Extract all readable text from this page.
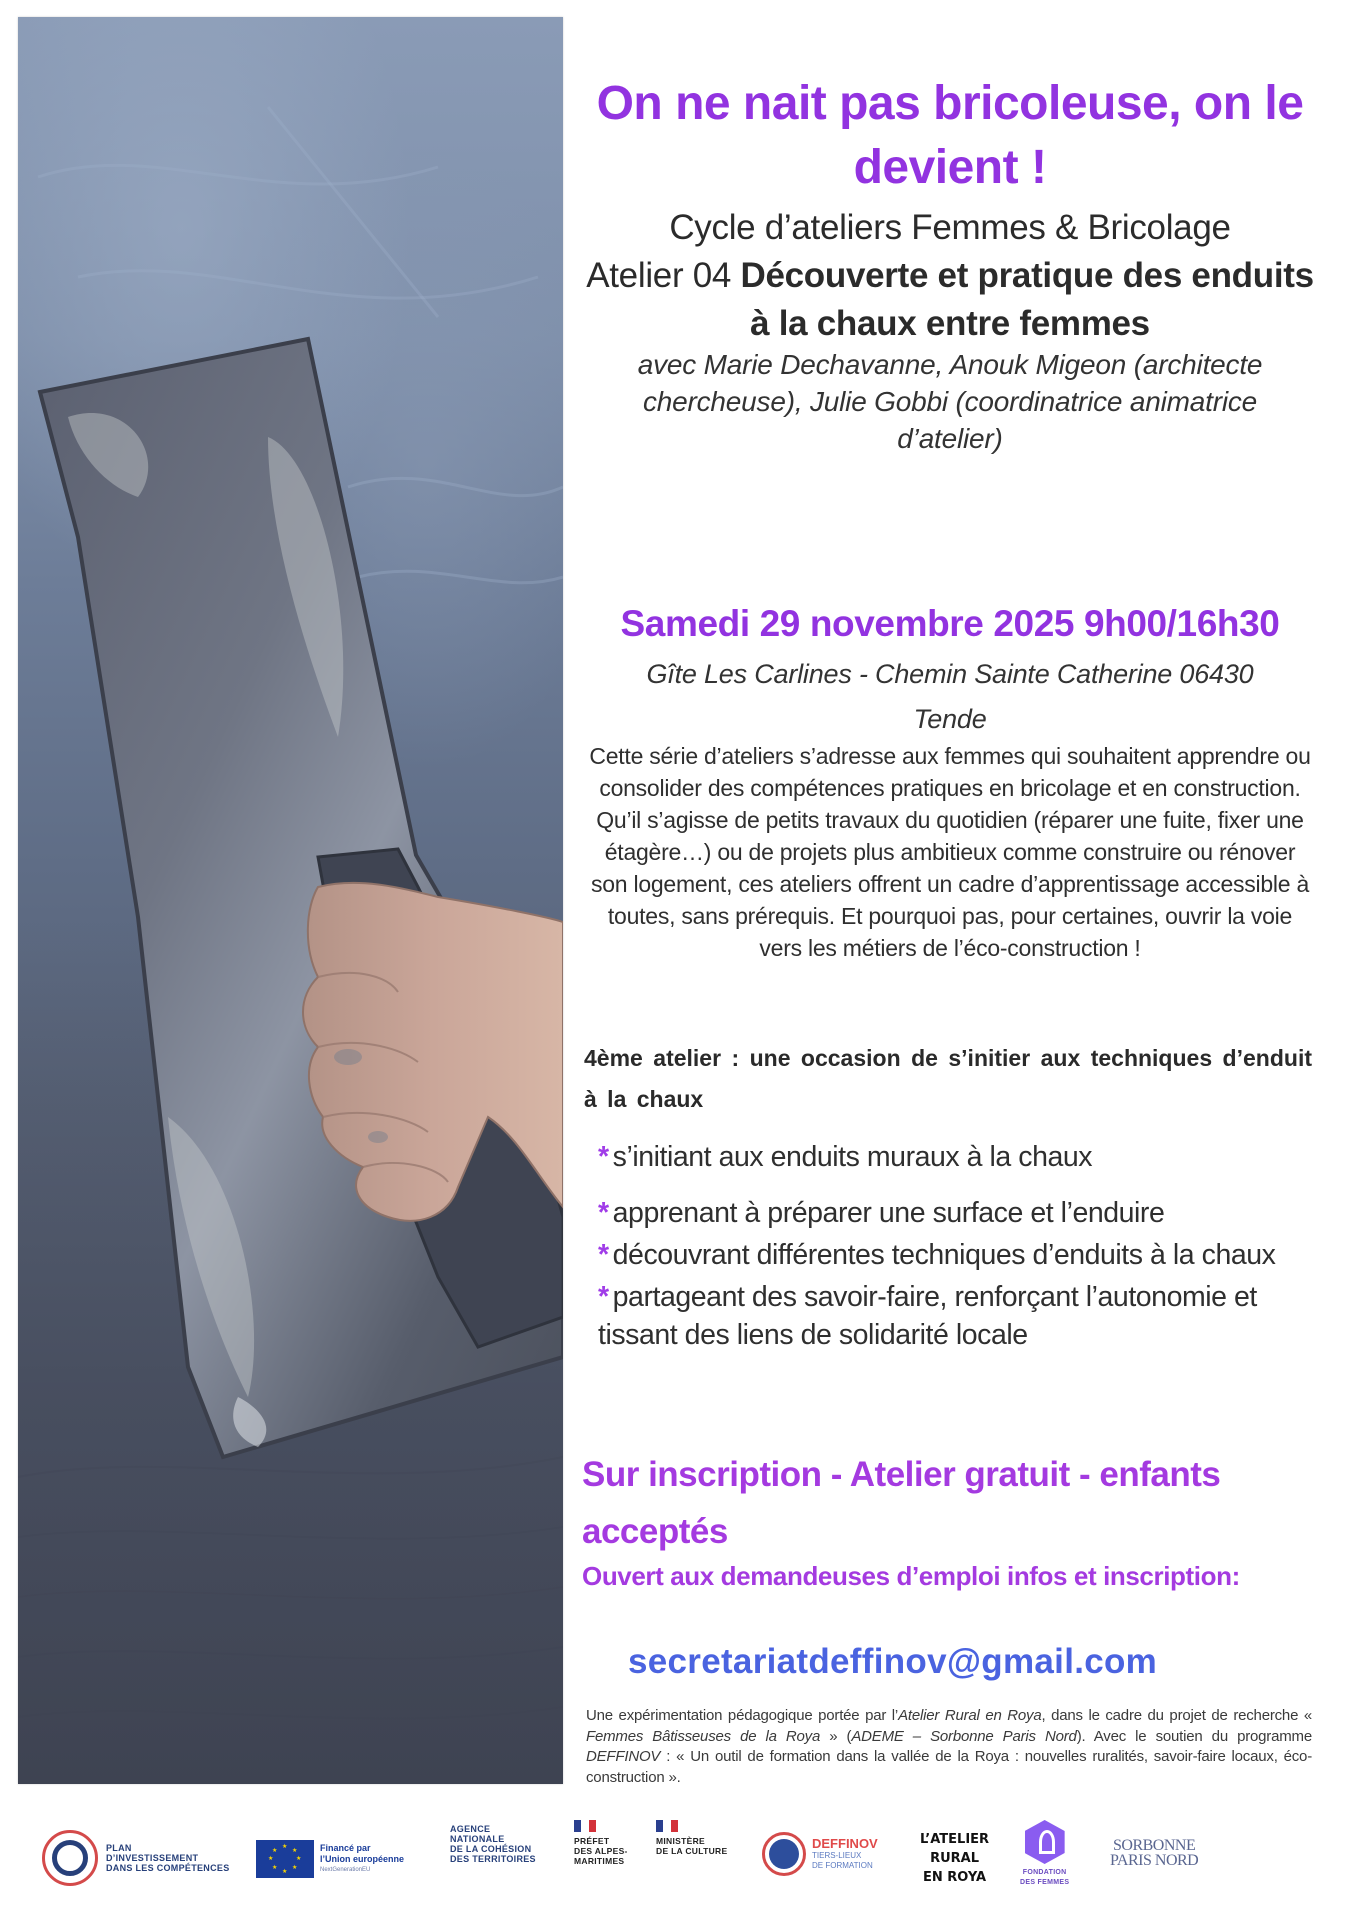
On ne nait pas bricoleuse, on le devient !
Cycle d’ateliers Femmes & Bricolage
Atelier 04 Découverte et pratique des enduits à la chaux entre femmes

avec Marie Dechavanne, Anouk Migeon (architecte chercheuse), Julie Gobbi (coordinatrice animatrice d’atelier)

Samedi 29 novembre 2025 9h00/16h30
Gîte Les Carlines - Chemin Sainte Catherine 06430
Tende

Cette série d’ateliers s’adresse aux femmes qui souhaitent apprendre ou consolider des compétences pratiques en bricolage et en construction. Qu’il s’agisse de petits travaux du quotidien (réparer une fuite, fixer une étagère…) ou de projets plus ambitieux comme construire ou rénover son logement, ces ateliers offrent un cadre d’apprentissage accessible à toutes, sans prérequis. Et pourquoi pas, pour certaines, ouvrir la voie vers les métiers de l’éco-construction !

4ème atelier : une occasion de s’initier aux techniques d’enduit à la chaux

* s’initiant aux enduits muraux à la chaux
* apprenant à préparer une surface et l’enduire
* découvrant différentes techniques d’enduits à la chaux
* partageant des savoir-faire, renforçant l’autonomie et tissant des liens de solidarité locale
Sur inscription - Atelier gratuit - enfants acceptés
Ouvert aux demandeuses d’emploi infos et inscription:
secretariatdeffinov@gmail.com

Une expérimentation pédagogique portée par l’Atelier Rural en Roya, dans le cadre du projet de recherche « Femmes Bâtisseuses de la Roya » (ADEME – Sorbonne Paris Nord). Avec le soutien du programme DEFFINOV : « Un outil de formation dans la vallée de la Roya : nouvelles ruralités, savoir-faire locaux, éco-construction ».

PLAN
D’INVESTISSEMENT
DANS LES COMPÉTENCES
★
★
★
★
★
★
★
★	Financé par
l’Union européenne
NextGenerationEU
AGENCE
NATIONALE
DE LA COHÉSION
DES TERRITOIRES
PRÉFET
DES ALPES-
MARITIMES
MINISTÈRE
DE LA CULTURE	DEFFINOV
TIERS-LIEUX
DE FORMATION
L’ATELIER
RURAL
EN ROYA	FONDATION
DES FEMMES
SORBONNE
PARIS NORD
